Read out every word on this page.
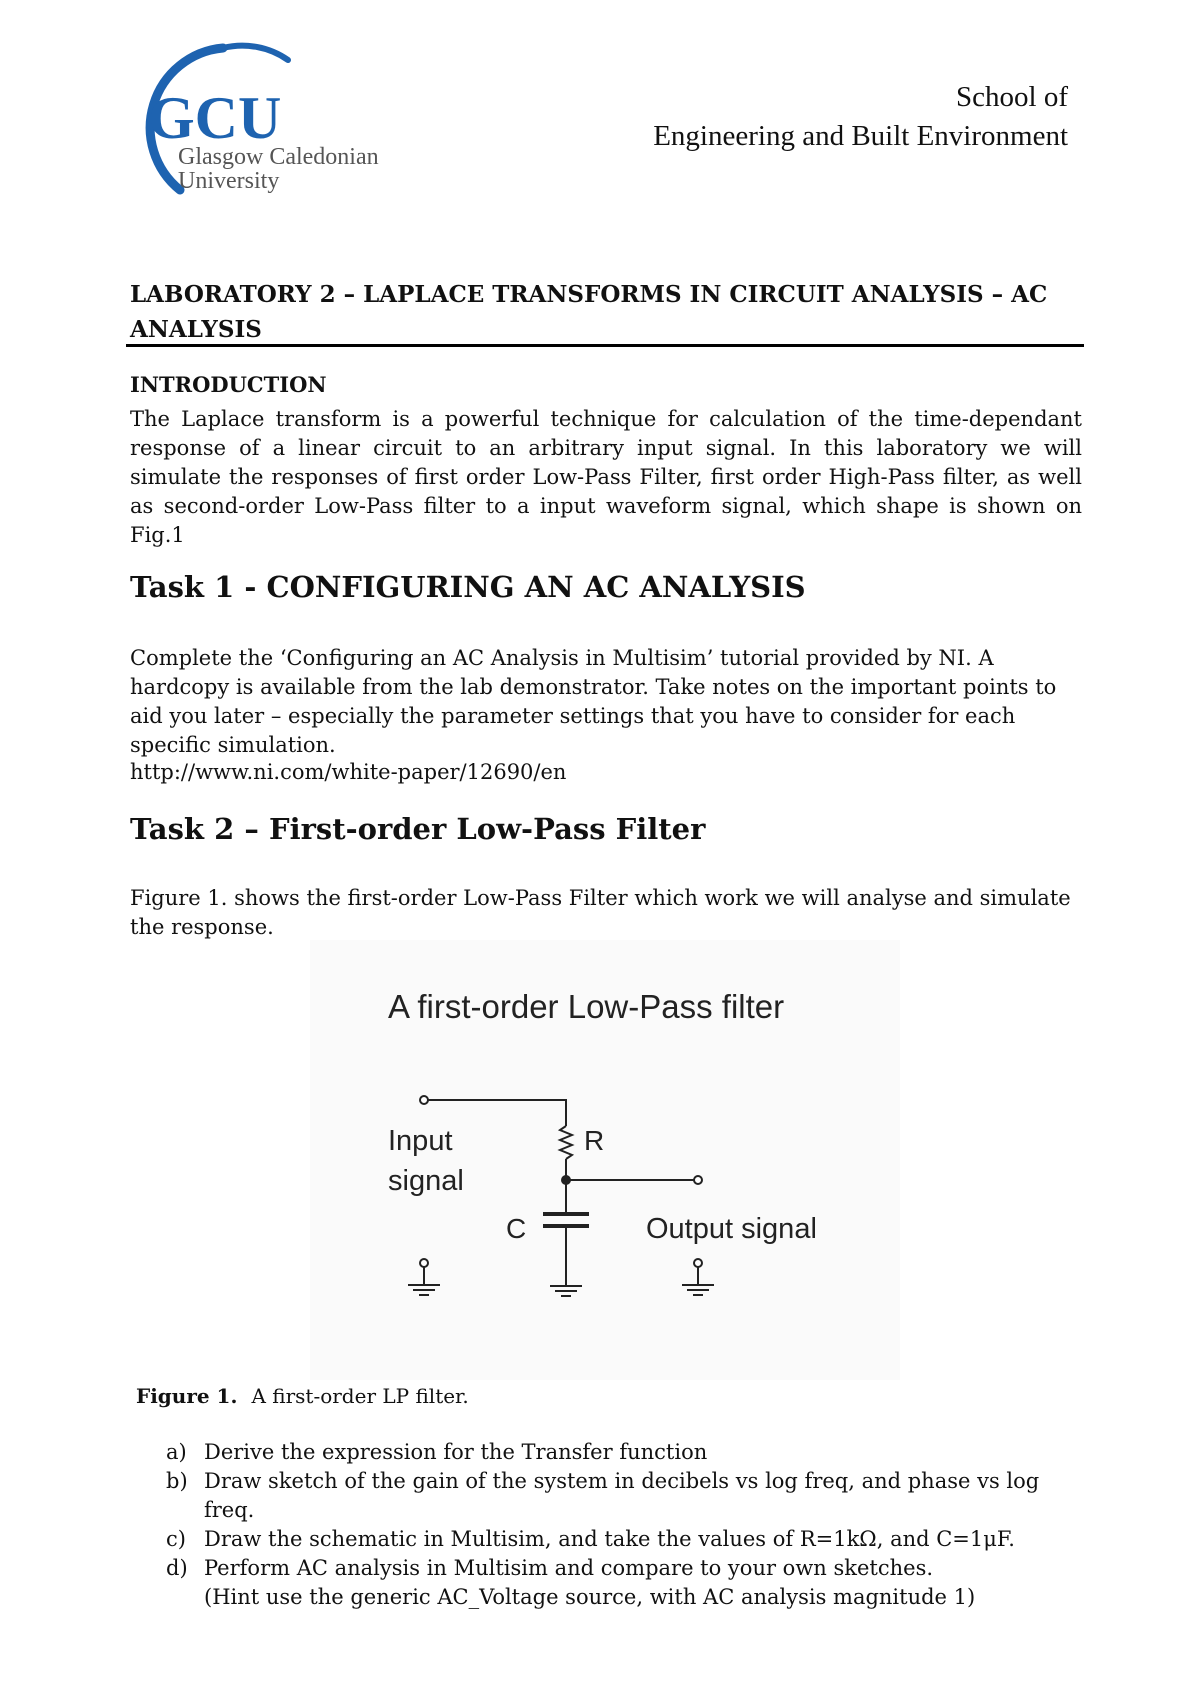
GCU
Glasgow Caledonian
University
School of
Engineering and Built Environment
LABORATORY 2 – LAPLACE TRANSFORMS IN CIRCUIT ANALYSIS – AC ANALYSIS
INTRODUCTION
The Laplace transform is a powerful technique for calculation of the time-dependant response of a linear circuit to an arbitrary input signal. In this laboratory we will simulate the responses of first order Low-Pass Filter, first order High-Pass filter, as well as second-order Low-Pass filter to a input waveform signal, which shape is shown on Fig.1
Task 1 - CONFIGURING AN AC ANALYSIS
Complete the ‘Configuring an AC Analysis in Multisim’ tutorial provided by NI. A hardcopy is available from the lab demonstrator. Take notes on the important points to aid you later – especially the parameter settings that you have to consider for each specific simulation.
http://www.ni.com/white-paper/12690/en
Task 2 – First-order Low-Pass Filter
Figure 1. shows the first-order Low-Pass Filter which work we will analyse and simulate the response.
A first-order Low-Pass filter
R
C
Input
signal
Output signal
Figure 1. A first-order LP filter.
a) Derive the expression for the Transfer function
b) Draw sketch of the gain of the system in decibels vs log freq, and phase vs log freq.
c) Draw the schematic in Multisim, and take the values of R=1kΩ, and C=1μF.
d) Perform AC analysis in Multisim and compare to your own sketches.
(Hint use the generic AC_Voltage source, with AC analysis magnitude 1)
